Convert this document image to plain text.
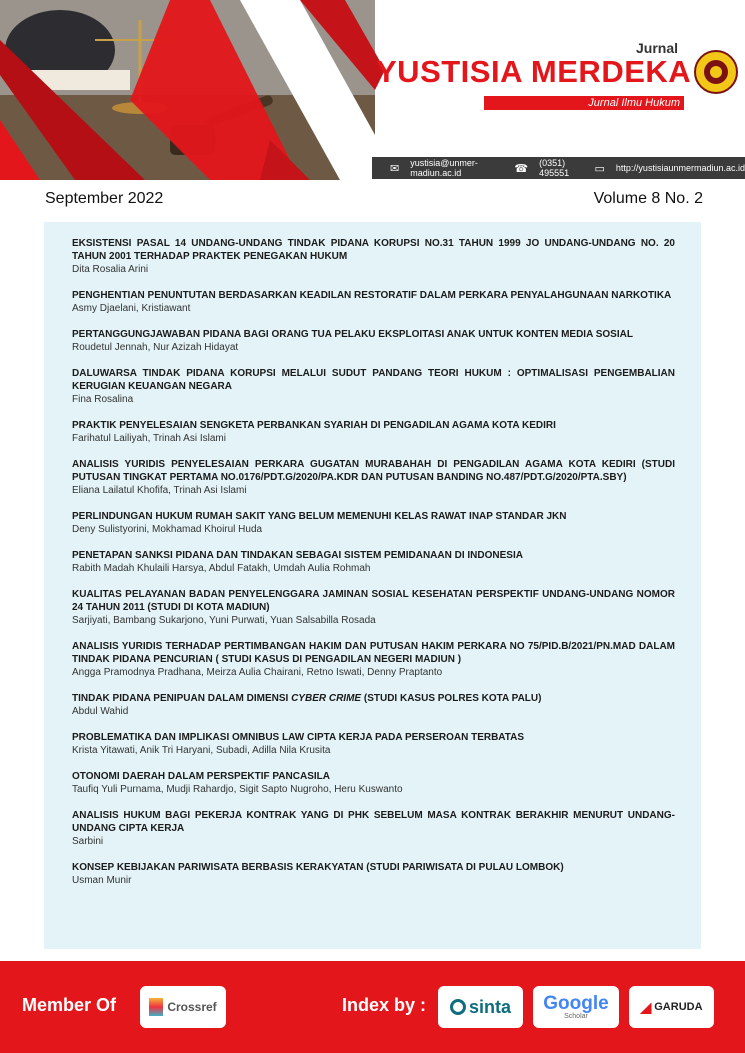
Jurnal
YUSTISIA MERDEKA
Jurnal Ilmu Hukum
✉ yustisia@unmer-madiun.ac.id	☎ (0351) 495551	▭ http://yustisiaunmermadiun.ac.id
September 2022	Volume 8 No. 2
EKSISTENSI PASAL 14 UNDANG-UNDANG TINDAK PIDANA KORUPSI NO.31 TAHUN 1999 JO UNDANG-UNDANG NO. 20 TAHUN 2001 TERHADAP PRAKTEK PENEGAKAN HUKUM
Dita Rosalia Arini
PENGHENTIAN PENUNTUTAN BERDASARKAN KEADILAN RESTORATIF DALAM PERKARA PENYALAHGUNAAN NARKOTIKA
Asmy Djaelani, Kristiawant
PERTANGGUNGJAWABAN PIDANA BAGI ORANG TUA PELAKU EKSPLOITASI ANAK UNTUK KONTEN MEDIA SOSIAL
Roudetul Jennah, Nur Azizah Hidayat
DALUWARSA TINDAK PIDANA KORUPSI MELALUI SUDUT PANDANG TEORI HUKUM : OPTIMALISASI PENGEMBALIAN KERUGIAN KEUANGAN NEGARA
Fina Rosalina
PRAKTIK PENYELESAIAN SENGKETA PERBANKAN SYARIAH DI PENGADILAN AGAMA KOTA KEDIRI
Farihatul Lailiyah, Trinah Asi Islami
ANALISIS YURIDIS PENYELESAIAN PERKARA GUGATAN MURABAHAH DI PENGADILAN AGAMA KOTA KEDIRI (STUDI PUTUSAN TINGKAT PERTAMA NO.0176/PDT.G/2020/PA.KDR DAN PUTUSAN BANDING NO.487/PDT.G/2020/PTA.SBY)
Eliana Lailatul Khofifa, Trinah Asi Islami
PERLINDUNGAN HUKUM RUMAH SAKIT YANG BELUM MEMENUHI KELAS RAWAT INAP STANDAR JKN
Deny Sulistyorini, Mokhamad Khoirul Huda
PENETAPAN SANKSI PIDANA DAN TINDAKAN SEBAGAI SISTEM PEMIDANAAN DI INDONESIA
Rabith Madah Khulaili Harsya, Abdul Fatakh, Umdah Aulia Rohmah
KUALITAS PELAYANAN BADAN PENYELENGGARA JAMINAN SOSIAL KESEHATAN PERSPEKTIF UNDANG-UNDANG NOMOR 24 TAHUN 2011 (STUDI DI KOTA MADIUN)
Sarjiyati, Bambang Sukarjono, Yuni Purwati, Yuan Salsabilla Rosada
ANALISIS YURIDIS TERHADAP PERTIMBANGAN HAKIM DAN PUTUSAN HAKIM PERKARA NO 75/PID.B/2021/PN.MAD DALAM TINDAK PIDANA PENCURIAN ( STUDI KASUS DI PENGADILAN NEGERI MADIUN )
Angga Pramodnya Pradhana, Meirza Aulia Chairani, Retno Iswati, Denny Praptanto
TINDAK PIDANA PENIPUAN DALAM DIMENSI CYBER CRIME (STUDI KASUS POLRES KOTA PALU)
Abdul Wahid
PROBLEMATIKA DAN IMPLIKASI OMNIBUS LAW CIPTA KERJA PADA PERSEROAN TERBATAS
Krista Yitawati, Anik Tri Haryani, Subadi, Adilla Nila Krusita
OTONOMI DAERAH DALAM PERSPEKTIF PANCASILA
Taufiq Yuli Purnama, Mudji Rahardjo, Sigit Sapto Nugroho, Heru Kuswanto
ANALISIS HUKUM BAGI PEKERJA KONTRAK YANG DI PHK SEBELUM MASA KONTRAK BERAKHIR MENURUT UNDANG-UNDANG CIPTA KERJA
Sarbini
KONSEP KEBIJAKAN PARIWISATA BERBASIS KERAKYATAN (STUDI PARIWISATA DI PULAU LOMBOK)
Usman Munir
Member Of	Crossref	Index by : sinta Google
Scholar
◢ GARUDA
